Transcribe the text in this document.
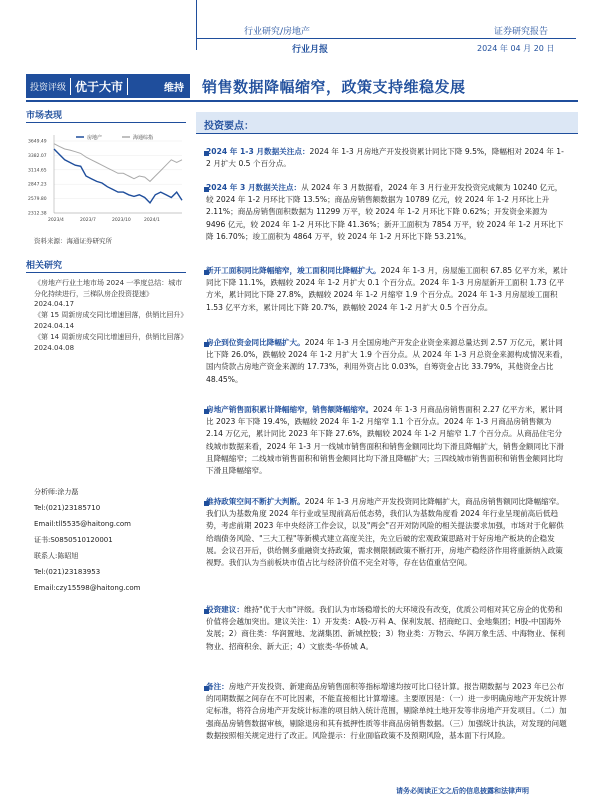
行业研究/房地产	证券研究报告
行业月报	2024 年 04 月 20 日
投资评级 优于大市	维持	销售数据降幅缩窄，政策支持维稳发展
市场表现
3649.49
3382.07
3114.65
2847.23
2579.80
2312.38
2023/4	2023/7	2023/10	2024/1
房地产	海通综指
资料来源：海通证券研究所
相关研究
《房地产行业土地市场 2024 一季度总结：城市分化持续进行，三梯队房企投资提速》2024.04.17
《第 15 周新房成交同比增速回落，供销比回升》2024.04.14
《第 14 周新房成交同比增速回升，供销比回落》2024.04.08
分析师:涂力磊
Tel:(021)23185710
Email:tll5535@haitong.com
证书:S0850510120001
联系人:陈昭旭
Tel:(021)23183953
Email:czy15598@haitong.com
投资要点：

2024 年 1-3 月数据关注点：2024 年 1-3 月房地产开发投资累计同比下降 9.5%，降幅相对 2024 年 1-2 月扩大 0.5 个百分点。

2024 年 3 月数据关注点：从 2024 年 3 月数据看，2024 年 3 月行业开发投资完成额为 10240 亿元，较 2024 年 1-2 月环比下降 13.5%；商品房销售额数据为 10789 亿元，较 2024 年 1-2 月环比上升 2.11%；商品房销售面积数据为 11299 万平，较 2024 年 1-2 月环比下降 0.62%；开发资金来源为 9496 亿元，较 2024 年 1-2 月环比下降 41.36%；新开工面积为 7854 万平，较 2024 年 1-2 月环比下降 16.70%；竣工面积为 4864 万平，较 2024 年 1-2 月环比下降 53.21%。

新开工面积同比降幅缩窄，竣工面积同比降幅扩大。2024 年 1-3 月，房屋施工面积 67.85 亿平方米，累计同比下降 11.1%，跌幅较 2024 年 1-2 月扩大 0.1 个百分点。2024 年 1-3 月房屋新开工面积 1.73 亿平方米，累计同比下降 27.8%，跌幅较 2024 年 1-2 月缩窄 1.9 个百分点。2024 年 1-3 月房屋竣工面积 1.53 亿平方米，累计同比下降 20.7%，跌幅较 2024 年 1-2 月扩大 0.5 个百分点。

房企到位资金同比降幅扩大。2024 年 1-3 月全国房地产开发企业资金来源总量达到 2.57 万亿元，累计同比下降 26.0%，跌幅较 2024 年 1-2 月扩大 1.9 个百分点。从 2024 年 1-3 月总资金来源构成情况来看，国内贷款占房地产资金来源的 17.73%，利用外资占比 0.03%，自筹资金占比 33.79%，其他资金占比 48.45%。

房地产销售面积累计降幅缩窄，销售额降幅缩窄。2024 年 1-3 月商品房销售面积 2.27 亿平方米，累计同比 2023 年下降 19.4%，跌幅较 2024 年 1-2 月缩窄 1.1 个百分点。2024 年 1-3 月商品房销售额为 2.14 万亿元，累计同比 2023 年下降 27.6%，跌幅较 2024 年 1-2 月缩窄 1.7 个百分点。从商品住宅分线城市数据来看，2024 年 1-3 月一线城市销售面积和销售金额同比均下滑且降幅扩大，销售金额同比下滑且降幅缩窄；二线城市销售面积和销售金额同比均下滑且降幅扩大；三四线城市销售面积和销售金额同比均下滑且降幅缩窄。

维持政策空间不断扩大判断。2024 年 1-3 月房地产开发投资同比降幅扩大，商品房销售额同比降幅缩窄。我们认为基数角度 2024 年行业或呈现前高后低态势，我们认为基数角度看 2024 年行业呈现前高后低趋势，考虑前期 2023 年中央经济工作会议，以及"两会"召开对防风险的相关提法要求加强，市场对于化解供给端债务风险、"三大工程"等新模式建立高度关注，先立后破的宏观政策思路对于好房地产板块的企稳发展。会议召开后，供给侧多重融资支持政策，需求侧限制政策不断打开，房地产稳经济作用将重新纳入政策视野。我们认为当前板块市值占比与经济价值不完全对等，存在估值重估空间。

投资建议：维持"优于大市"评级。我们认为市场稳增长的大环境没有改变，优质公司相对其它房企的优势和价值将会越加突出。建议关注：1）开发类：A股-万科 A、保利发展、招商蛇口、金地集团；H股-中国海外发展；2）商住类：华润置地、龙湖集团、新城控股；3）物业类：万物云、华润万象生活、中海物业、保利物业、招商积余、新大正；4）文旅类-华侨城 A。

备注：房地产开发投资、新建商品房销售面积等指标增速均按可比口径计算。报告期数据与 2023 年已公布的同期数据之间存在不可比因素，不能直接相比计算增速。主要原因是：（一）进一步明确房地产开发统计界定标准，将符合房地产开发统计标准的项目纳入统计范围，剔除单纯土地开发等非房地产开发项目。（二）加强商品房销售数据审核，剔除退房和其有抵押性质等非商品房销售数据。（三）加强统计执法，对发现的问题数据按照相关规定进行了改正。风险提示：行业面临政策不及预期风险，基本面下行风险。

请务必阅读正文之后的信息披露和法律声明
